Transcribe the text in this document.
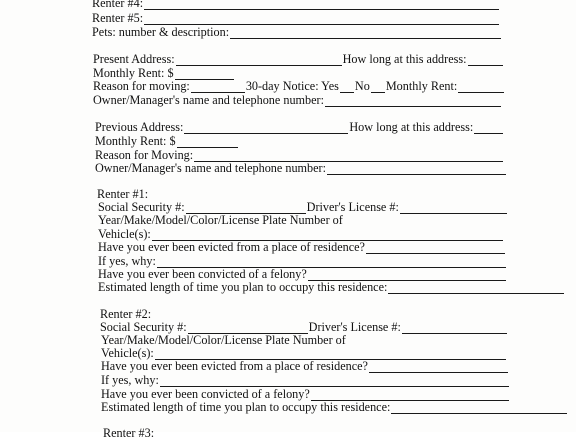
Renter #4:
Renter #5:
Pets: number & description:
Present Address:	How long at this address:
Monthly Rent: $
Reason for moving:	30-day Notice: Yes No Monthly Rent:
Owner/Manager's name and telephone number:
Previous Address:	How long at this address:
Monthly Rent: $
Reason for Moving:
Owner/Manager's name and telephone number:
Renter #1:
Social Security #:	Driver's License #:
Year/Make/Model/Color/License Plate Number of
Vehicle(s):
Have you ever been evicted from a place of residence?
If yes, why:
Have you ever been convicted of a felony?
Estimated length of time you plan to occupy this residence:
Renter #2:
Social Security #:	Driver's License #:
Year/Make/Model/Color/License Plate Number of
Vehicle(s):
Have you ever been evicted from a place of residence?
If yes, why:
Have you ever been convicted of a felony?
Estimated length of time you plan to occupy this residence:
Renter #3:
